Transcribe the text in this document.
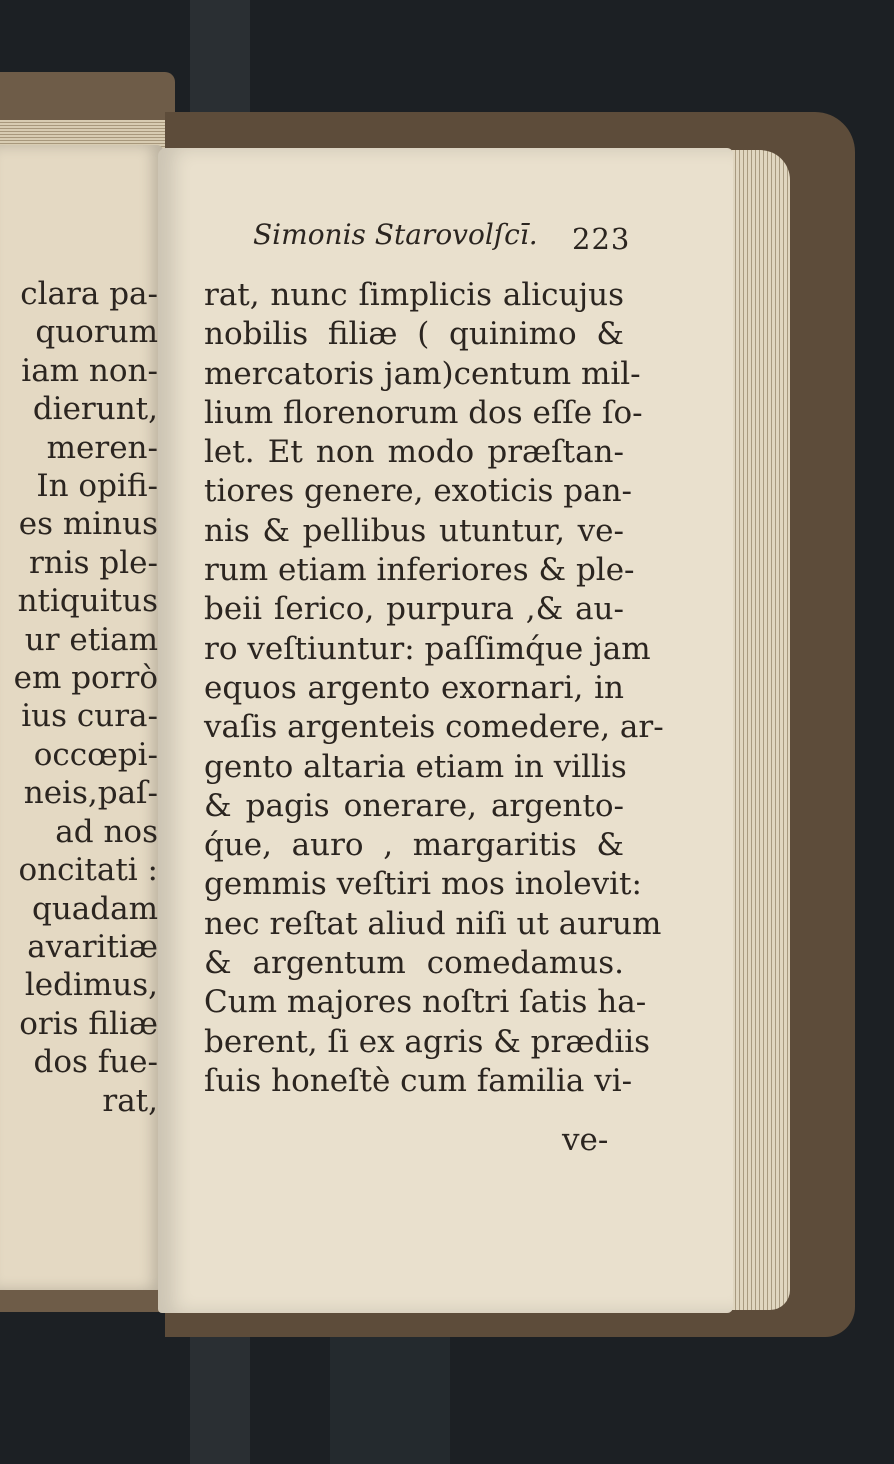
clara pa-
quorum
iam non-
dierunt,
meren-
In opifi-
es minus
rnis ple-
ntiquitus
ur etiam
em porrò
ius cura-
occœpi-
neis,paſ-
ad nos
oncitati :
quadam
avaritiæ
ledimus,
oris filiæ
dos fue-
rat,
Simonis Starovolſcī.	223
rat, nunc ſimplicis alicujus
nobilis filiæ ( quinimo &
mercatoris jam)centum mil-
lium florenorum dos eſſe ſo-
let. Et non modo præſtan-
tiores genere, exoticis pan-
nis & pellibus utuntur, ve-
rum etiam inferiores & ple-
beii ſerico, purpura ,& au-
ro veſtiuntur: paſſimq́ue jam
equos argento exornari, in
vaſis argenteis comedere, ar-
gento altaria etiam in villis
& pagis onerare, argento-
q́ue, auro , margaritis &
gemmis veſtiri mos inolevit:
nec reſtat aliud niſi ut aurum
& argentum comedamus.
Cum majores noſtri ſatis ha-
berent, ſi ex agris & prædiis
ſuis honeſtè cum familia vi-
ve-
